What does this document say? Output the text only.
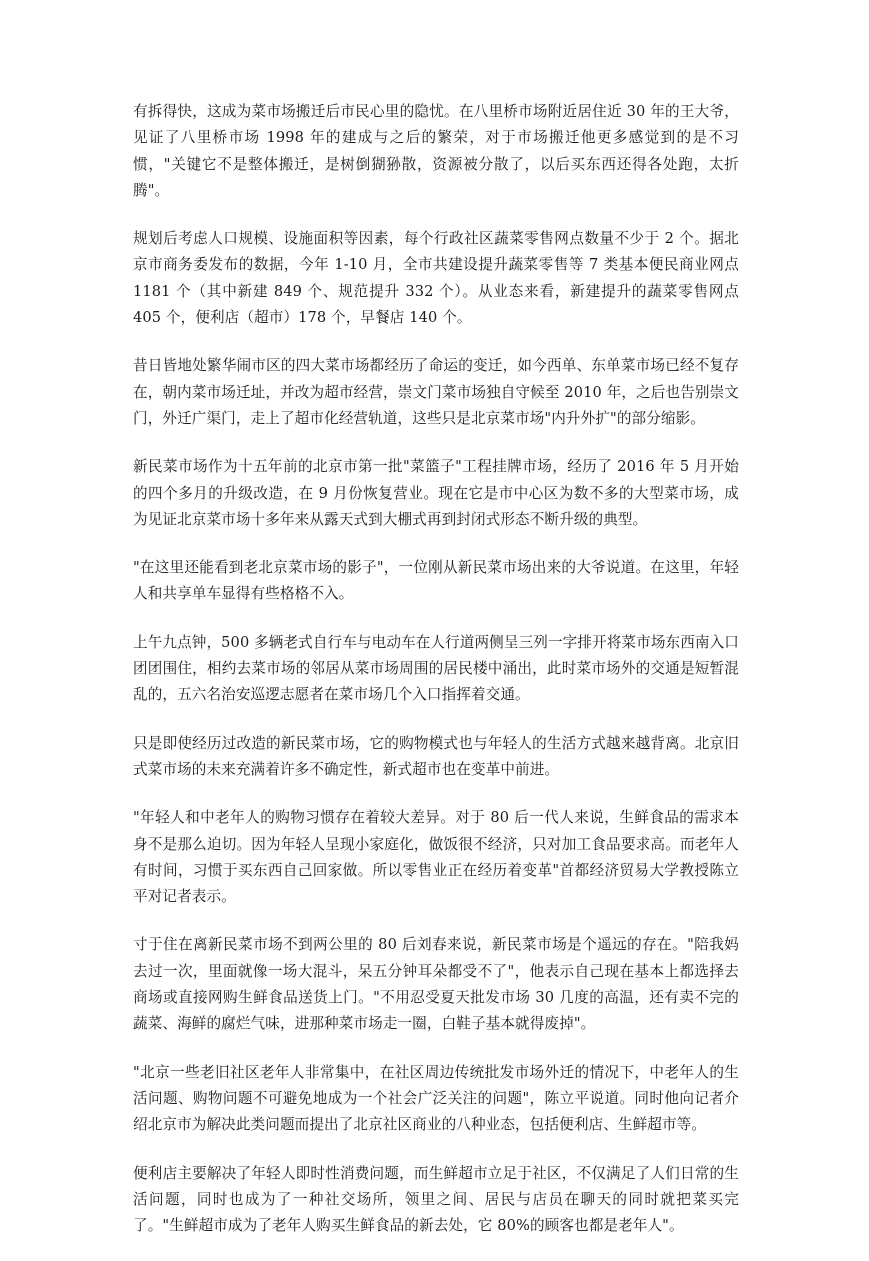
有拆得快，这成为菜市场搬迁后市民心里的隐忧。在八里桥市场附近居住近 30 年的王大爷，见证了八里桥市场 1998 年的建成与之后的繁荣，对于市场搬迁他更多感觉到的是不习惯，"关键它不是整体搬迁，是树倒猢狲散，资源被分散了，以后买东西还得各处跑，太折腾"。

规划后考虑人口规模、设施面积等因素，每个行政社区蔬菜零售网点数量不少于 2 个。据北京市商务委发布的数据，今年 1-10 月，全市共建设提升蔬菜零售等 7 类基本便民商业网点 1181 个（其中新建 849 个、规范提升 332 个）。从业态来看，新建提升的蔬菜零售网点 405 个，便利店（超市）178 个，早餐店 140 个。

昔日皆地处繁华闹市区的四大菜市场都经历了命运的变迁，如今西单、东单菜市场已经不复存在，朝内菜市场迁址，并改为超市经营，崇文门菜市场独自守候至 2010 年，之后也告别崇文门，外迁广渠门，走上了超市化经营轨道，这些只是北京菜市场"内升外扩"的部分缩影。

新民菜市场作为十五年前的北京市第一批"菜篮子"工程挂牌市场，经历了 2016 年 5 月开始的四个多月的升级改造，在 9 月份恢复营业。现在它是市中心区为数不多的大型菜市场，成为见证北京菜市场十多年来从露天式到大棚式再到封闭式形态不断升级的典型。

"在这里还能看到老北京菜市场的影子"，一位刚从新民菜市场出来的大爷说道。在这里，年轻人和共享单车显得有些格格不入。

上午九点钟，500 多辆老式自行车与电动车在人行道两侧呈三列一字排开将菜市场东西南入口团团围住，相约去菜市场的邻居从菜市场周围的居民楼中涌出，此时菜市场外的交通是短暂混乱的，五六名治安巡逻志愿者在菜市场几个入口指挥着交通。

只是即使经历过改造的新民菜市场，它的购物模式也与年轻人的生活方式越来越背离。北京旧式菜市场的未来充满着许多不确定性，新式超市也在变革中前进。

"年轻人和中老年人的购物习惯存在着较大差异。对于 80 后一代人来说，生鲜食品的需求本身不是那么迫切。因为年轻人呈现小家庭化，做饭很不经济，只对加工食品要求高。而老年人有时间，习惯于买东西自己回家做。所以零售业正在经历着变革"首都经济贸易大学教授陈立平对记者表示。

寸于住在离新民菜市场不到两公里的 80 后刘春来说，新民菜市场是个遥远的存在。"陪我妈去过一次，里面就像一场大混斗，呆五分钟耳朵都受不了"，他表示自己现在基本上都选择去商场或直接网购生鲜食品送货上门。"不用忍受夏天批发市场 30 几度的高温，还有卖不完的蔬菜、海鲜的腐烂气味，进那种菜市场走一圈，白鞋子基本就得废掉"。

"北京一些老旧社区老年人非常集中，在社区周边传统批发市场外迁的情况下，中老年人的生活问题、购物问题不可避免地成为一个社会广泛关注的问题"，陈立平说道。同时他向记者介绍北京市为解决此类问题而提出了北京社区商业的八种业态，包括便利店、生鲜超市等。

便利店主要解决了年轻人即时性消费问题，而生鲜超市立足于社区，不仅满足了人们日常的生活问题，同时也成为了一种社交场所，领里之间、居民与店员在聊天的同时就把菜买完了。"生鲜超市成为了老年人购买生鲜食品的新去处，它 80%的顾客也都是老年人"。
